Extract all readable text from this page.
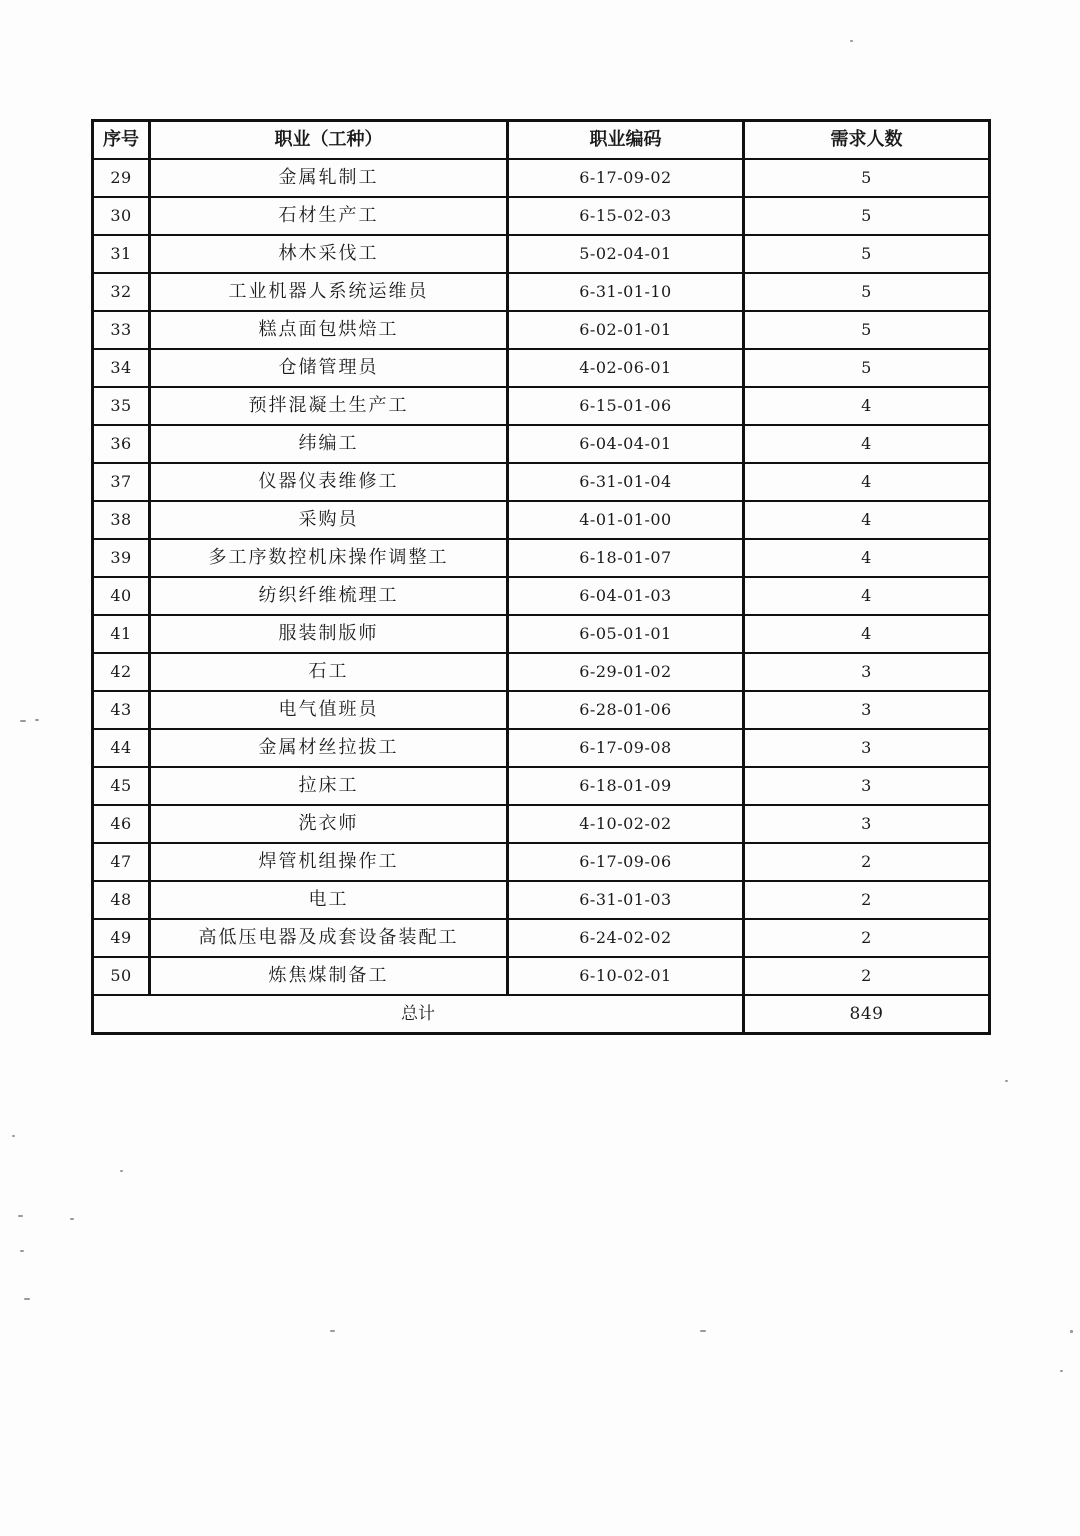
序号	职业（工种）	职业编码	需求人数
29	金属轧制工	6-17-09-02	5
30	石材生产工	6-15-02-03	5
31	林木采伐工	5-02-04-01	5
32	工业机器人系统运维员	6-31-01-10	5
33	糕点面包烘焙工	6-02-01-01	5
34	仓储管理员	4-02-06-01	5
35	预拌混凝土生产工	6-15-01-06	4
36	纬编工	6-04-04-01	4
37	仪器仪表维修工	6-31-01-04	4
38	采购员	4-01-01-00	4
39	多工序数控机床操作调整工	6-18-01-07	4
40	纺织纤维梳理工	6-04-01-03	4
41	服装制版师	6-05-01-01	4
42	石工	6-29-01-02	3
43	电气值班员	6-28-01-06	3
44	金属材丝拉拔工	6-17-09-08	3
45	拉床工	6-18-01-09	3
46	洗衣师	4-10-02-02	3
47	焊管机组操作工	6-17-09-06	2
48	电工	6-31-01-03	2
49	高低压电器及成套设备装配工	6-24-02-02	2
50	炼焦煤制备工	6-10-02-01	2
总计			849
